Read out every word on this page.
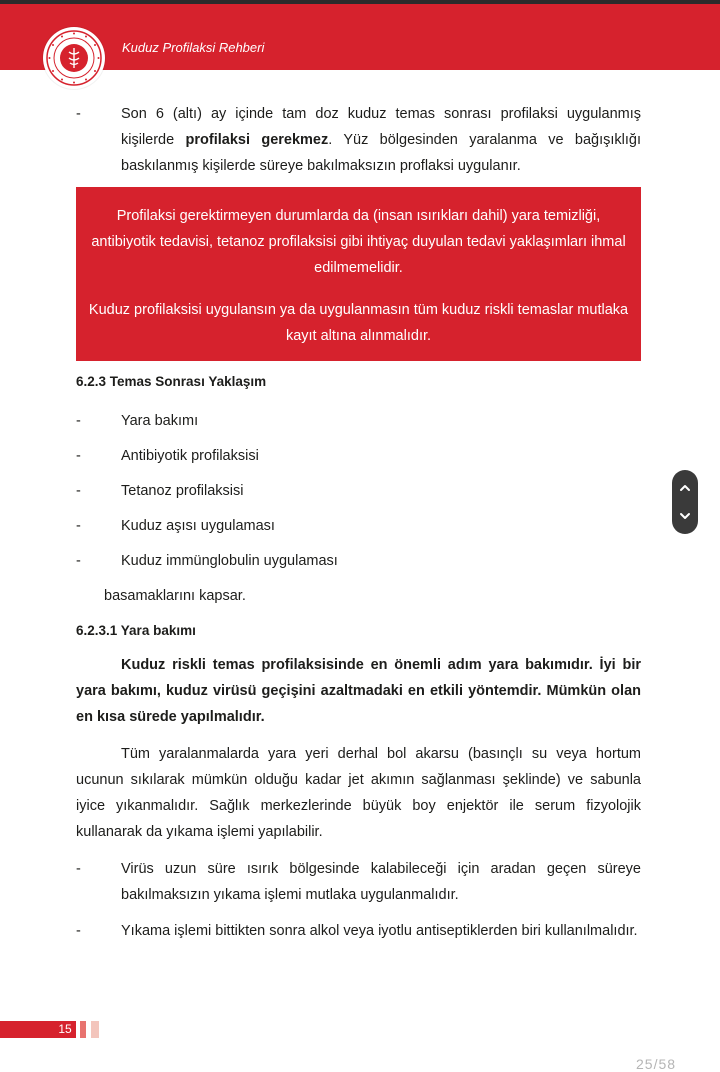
Kuduz Profilaksi Rehberi
-	Son 6 (altı) ay içinde tam doz kuduz temas sonrası profilaksi uygulanmış kişilerde profilaksi gerekmez. Yüz bölgesinden yaralanma ve bağışıklığı baskılanmış kişilerde süreye bakılmaksızın proflaksi uygulanır.
Profilaksi gerektirmeyen durumlarda da (insan ısırıkları dahil) yara temizliği, antibiyotik tedavisi, tetanoz profilaksisi gibi ihtiyaç duyulan tedavi yaklaşımları ihmal edilmemelidir.
Kuduz profilaksisi uygulansın ya da uygulanmasın tüm kuduz riskli temaslar mutlaka kayıt altına alınmalıdır.
6.2.3 Temas Sonrası Yaklaşım
-	Yara bakımı
-	Antibiyotik profilaksisi
-	Tetanoz profilaksisi
-	Kuduz aşısı uygulaması
-	Kuduz immünglobulin uygulaması
basamaklarını kapsar.
6.2.3.1 Yara bakımı
Kuduz riskli temas profilaksisinde en önemli adım yara bakımıdır. İyi bir yara bakımı, kuduz virüsü geçişini azaltmadaki en etkili yöntemdir. Mümkün olan en kısa sürede yapılmalıdır.
Tüm yaralanmalarda yara yeri derhal bol akarsu (basınçlı su veya hortum ucunun sıkılarak mümkün olduğu kadar jet akımın sağlanması şeklinde) ve sabunla iyice yıkanmalıdır. Sağlık merkezlerinde büyük boy enjektör ile serum fizyolojik kullanarak da yıkama işlemi yapılabilir.
-	Virüs uzun süre ısırık bölgesinde kalabileceği için aradan geçen süreye bakılmaksızın yıkama işlemi mutlaka uygulanmalıdır.
-	Yıkama işlemi bittikten sonra alkol veya iyotlu antiseptiklerden biri kullanılmalıdır.
15
25/58
